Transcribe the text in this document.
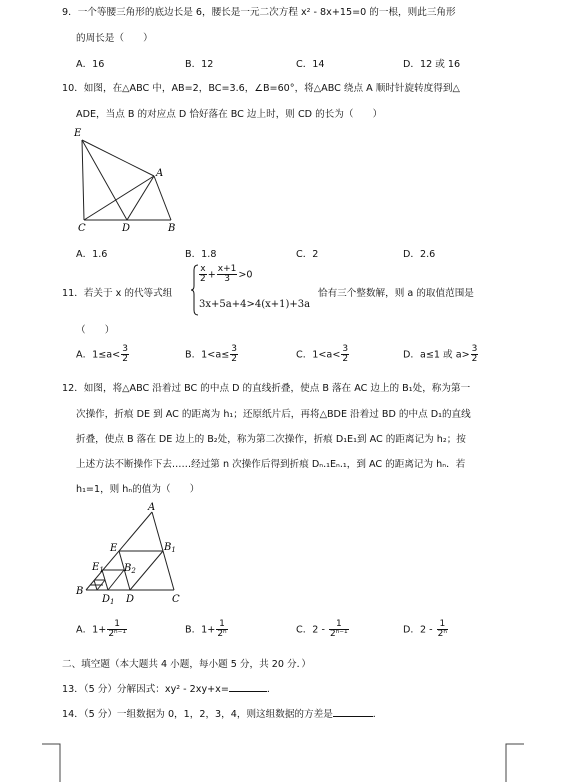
9．一个等腰三角形的底边长是 6，腰长是一元二次方程 x² - 8x+15=0 的一根，则此三角形
的周长是（　　）
A．16	B．12	C．14	D．12 或 16
10．如图，在△ABC 中，AB=2，BC=3.6，∠B=60°，将△ABC 绕点 A 顺时针旋转度得到△
ADE，当点 B 的对应点 D 恰好落在 BC 边上时，则 CD 的长为（　　）
E
A
C	D	B
A．1.6	B．1.8	C．2	D．2.6
11．若关于 x 的代等式组
$\frac{x}{2} + \frac{x+1}{3} >0$
3x+5a+4>4(x+1)+3a
恰有三个整数解，则 a 的取值范围是
（　　）
A．$1\le a< \frac{3}{2}$	B．$1<a\le \frac{3}{2}$	C．$1<a< \frac{3}{2}$	D．a≤1 或 $a> \frac{3}{2}$
12．如图，将△ABC 沿着过 BC 的中点 D 的直线折叠，使点 B 落在 AC 边上的 B₁处，称为第一
次操作，折痕 DE 到 AC 的距离为 h₁；还原纸片后，再将△BDE 沿着过 BD 的中点 D₁的直线
折叠，使点 B 落在 DE 边上的 B₂处，称为第二次操作，折痕 D₁E₁到 AC 的距离记为 h₂；按
上述方法不断操作下去……经过第 n 次操作后得到折痕 Dₙ.₁Eₙ.₁，到 AC 的距离记为 hₙ．若
h₁=1，则 hₙ的值为（　　）
A
E	$B_1$
$E_1$ $B_2$
B
$D_1$ D	C
A．$1+ \frac{1}{\text{2ⁿ⁻¹}}$	B．$1+ \frac{1}{\text{2ⁿ}}$	C．$2 - \frac{1}{\text{2ⁿ⁻¹}}$	D．$2 - \frac{1}{\text{2ⁿ}}$
二、填空题（本大题共 4 小题，每小题 5 分，共 20 分．）
13．（5 分）分解因式：xy² - 2xy+x=	．
14．（5 分）一组数据为 0，1，2，3，4，则这组数据的方差是	．
